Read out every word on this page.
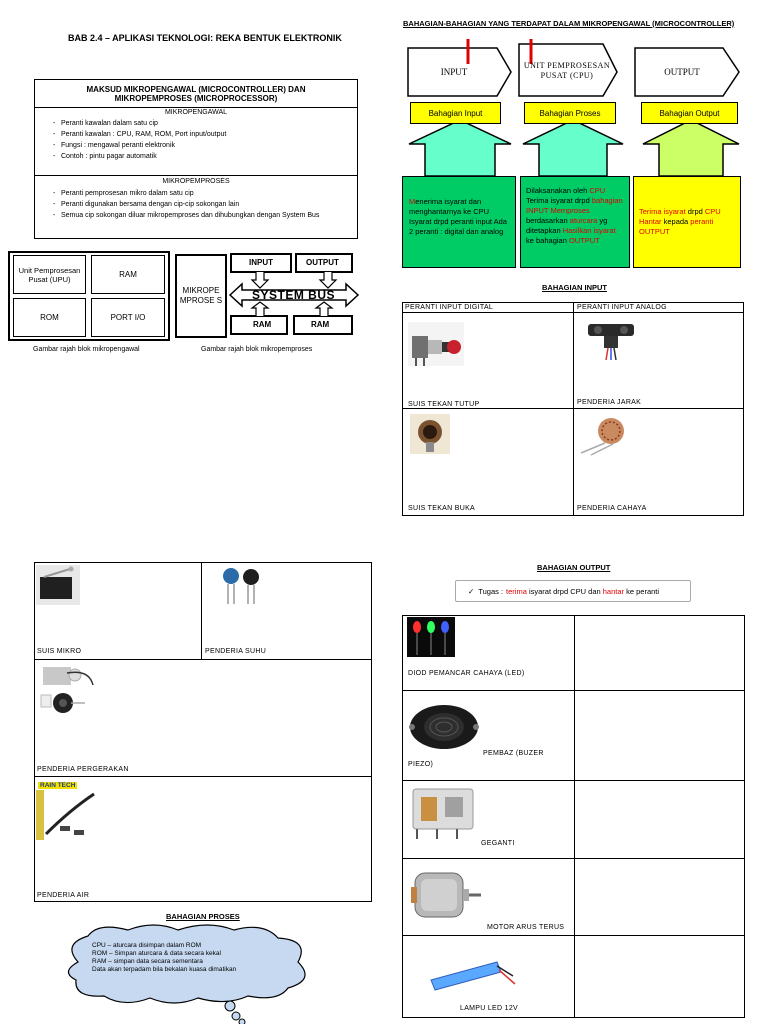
BAB 2.4 – APLIKASI TEKNOLOGI: REKA BENTUK ELEKTRONIK
MAKSUD MIKROPENGAWAL (MICROCONTROLLER) DAN
MIKROPEMPROSES (MICROPROCESSOR)
MIKROPENGAWAL
- Peranti kawalan dalam satu cip
- Peranti kawalan : CPU, RAM, ROM, Port input/output
- Fungsi : mengawal peranti elektronik
- Contoh : pintu pagar automatik
MIKROPEMPROSES
- Peranti pemprosesan mikro dalam satu cip
- Peranti digunakan bersama dengan cip-cip sokongan lain
- Semua cip sokongan diluar mikropemproses dan dihubungkan dengan System Bus
Unit Pemprosesan Pusat (UPU)	RAM
ROM	PORT I/O
Gambar rajah blok mikropengawal
MIKROPE MPROSE S
INPUT	OUTPUT
SYSTEM BUS
RAM	RAM
Gambar rajah blok mikropemproses
BAHAGIAN-BAHAGIAN YANG TERDAPAT DALAM MIKROPENGAWAL (MICROCONTROLLER)
INPUT
UNIT PEMPROSESAN PUSAT (CPU)	OUTPUT
Bahagian Input	Bahagian Proses	Bahagian Output
Menerima isyarat dan menghantarnya ke CPU Isyarat drpd peranti input Ada 2 peranti : digital dan analog
Dilaksanakan oleh CPU Terima isyarat drpd bahagian INPUT Memproses berdasarkan aturcara yg ditetapkan Hasilkan isyarat ke bahagian OUTPUT
Terima isyarat drpd CPU Hantar kepada peranti OUTPUT
BAHAGIAN INPUT
PERANTI INPUT DIGITAL	PERANTI INPUT ANALOG
SUIS TEKAN TUTUP	PENDERIA JARAK
SUIS TEKAN BUKA	PENDERIA CAHAYA
RAIN TECH
SUIS MIKRO	PENDERIA SUHU
PENDERIA PERGERAKAN
PENDERIA AIR
BAHAGIAN PROSES
CPU – aturcara disimpan dalam ROM
ROM – Simpan aturcara & data secara kekal
RAM – simpan data secara sementara
Data akan terpadam bila bekalan kuasa dimatikan
BAHAGIAN OUTPUT
✓ Tugas : terima isyarat drpd CPU dan hantar ke peranti
DIOD PEMANCAR CAHAYA (LED)
PEMBAZ (BUZER
PIEZO)
GEGANTI
MOTOR ARUS TERUS
LAMPU LED 12V
